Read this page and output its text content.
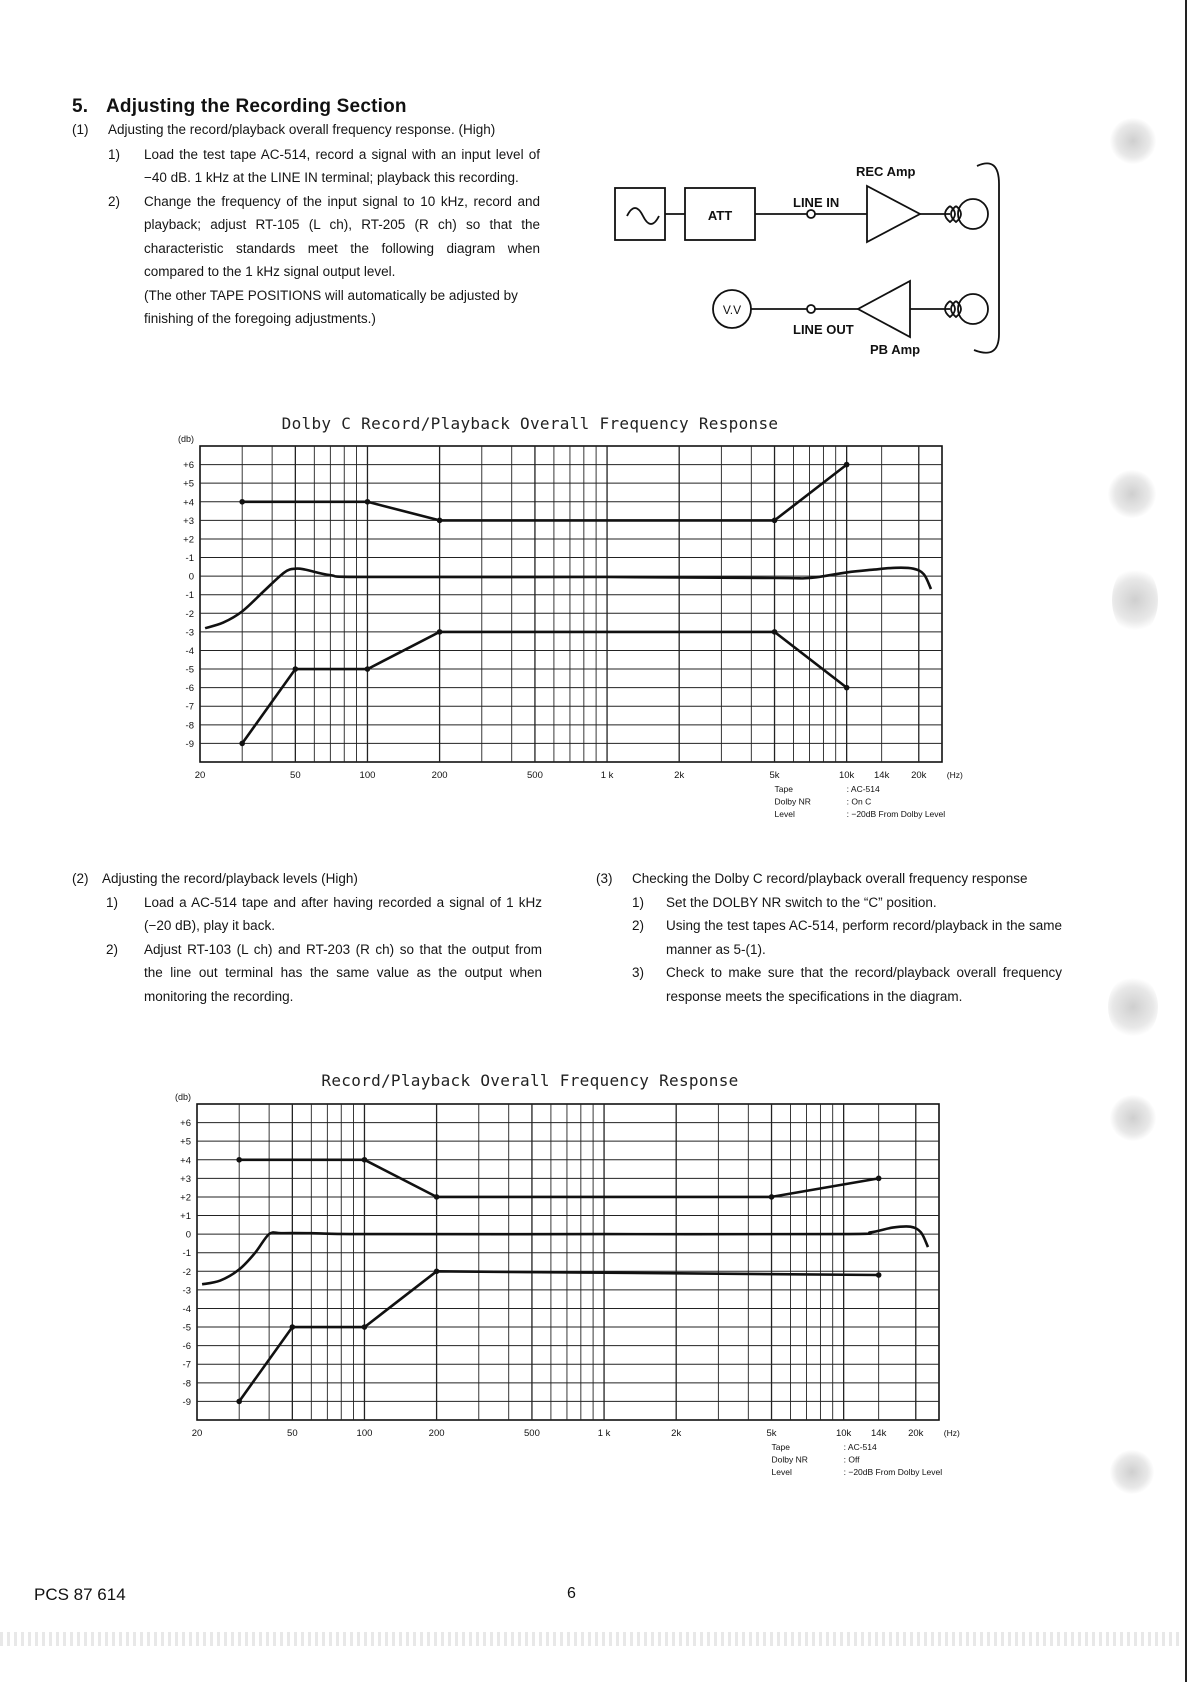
5. Adjusting the Recording Section
(1)	Adjusting the record/playback overall frequency response. (High)
1)	Load the test tape AC-514, record a signal with an input level of −40 dB. 1 kHz at the LINE IN terminal; playback this recording.
2)	Change the frequency of the input signal to 10 kHz, record and playback; adjust RT-105 (L ch), RT-205 (R ch) so that the characteristic standards meet the following diagram when compared to the 1 kHz signal output level.
(The other TAPE POSITIONS will automatically be adjusted by finishing of the foregoing adjustments.)
ATT
LINE IN
REC Amp
V.V
LINE OUT
PB Amp
Dolby C Record/Playback Overall Frequency Response
(db)
+6
+5
+4
+3
+2
-1
0
-1
-2
-3
-4
-5
-6
-7
-8
-9
20	50	100	200	500	1 k	2k	5k	10k 14k 20k (Hz)
Tape	: AC-514
Dolby NR	: On C
Level	: −20dB From Dolby Level
(2)	Adjusting the record/playback levels (High)
1)	Load a AC-514 tape and after having recorded a signal of 1 kHz (−20 dB), play it back.
2)	Adjust RT-103 (L ch) and RT-203 (R ch) so that the output from the line out terminal has the same value as the output when monitoring the recording.
(3)	Checking the Dolby C record/playback overall frequency response
1)	Set the DOLBY NR switch to the “C” position.
2)	Using the test tapes AC-514, perform record/playback in the same manner as 5-(1).
3)	Check to make sure that the record/playback overall frequency response meets the specifications in the diagram.
Record/Playback Overall Frequency Response
(db)
+6
+5
+4
+3
+2
+1
0
-1
-2
-3
-4
-5
-6
-7
-8
-9
20	50	100	200	500	1 k	2k	5k	10k 14k 20k (Hz)
Tape	: AC-514
Dolby NR	: Off
Level	: −20dB From Dolby Level
PCS 87 614	6
